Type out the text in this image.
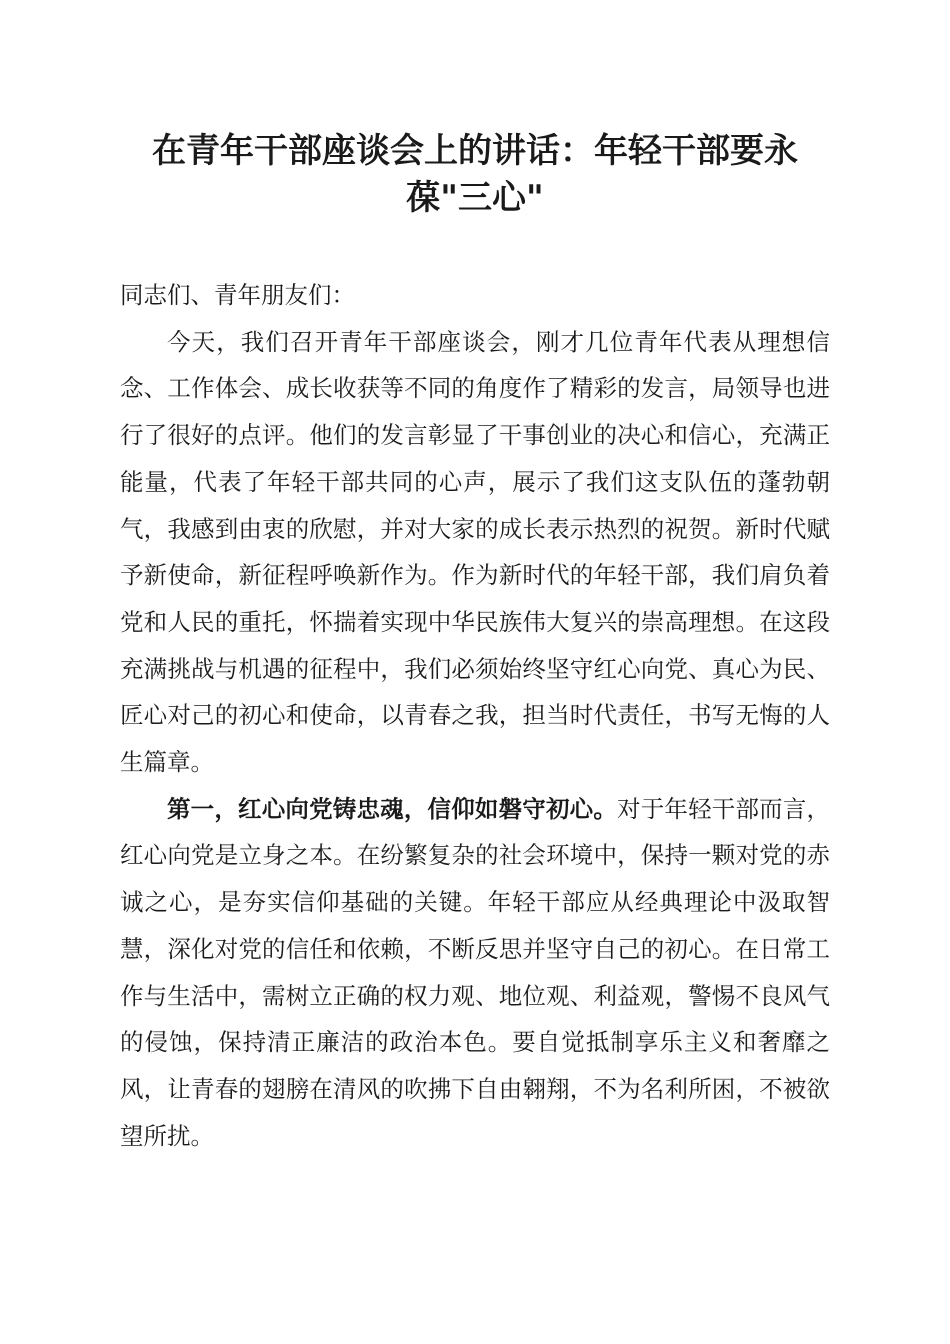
在青年干部座谈会上的讲话：年轻干部要永葆"三心"

同志们、青年朋友们：

今天，我们召开青年干部座谈会，刚才几位青年代表从理想信念、工作体会、成长收获等不同的角度作了精彩的发言，局领导也进行了很好的点评。他们的发言彰显了干事创业的决心和信心，充满正能量，代表了年轻干部共同的心声，展示了我们这支队伍的蓬勃朝气，我感到由衷的欣慰，并对大家的成长表示热烈的祝贺。新时代赋予新使命，新征程呼唤新作为。作为新时代的年轻干部，我们肩负着党和人民的重托，怀揣着实现中华民族伟大复兴的崇高理想。在这段充满挑战与机遇的征程中，我们必须始终坚守红心向党、真心为民、匠心对己的初心和使命，以青春之我，担当时代责任，书写无悔的人生篇章。

第一，红心向党铸忠魂，信仰如磐守初心。对于年轻干部而言，红心向党是立身之本。在纷繁复杂的社会环境中，保持一颗对党的赤诚之心，是夯实信仰基础的关键。年轻干部应从经典理论中汲取智慧，深化对党的信任和依赖，不断反思并坚守自己的初心。在日常工作与生活中，需树立正确的权力观、地位观、利益观，警惕不良风气的侵蚀，保持清正廉洁的政治本色。要自觉抵制享乐主义和奢靡之风，让青春的翅膀在清风的吹拂下自由翱翔，不为名利所困，不被欲望所扰。
